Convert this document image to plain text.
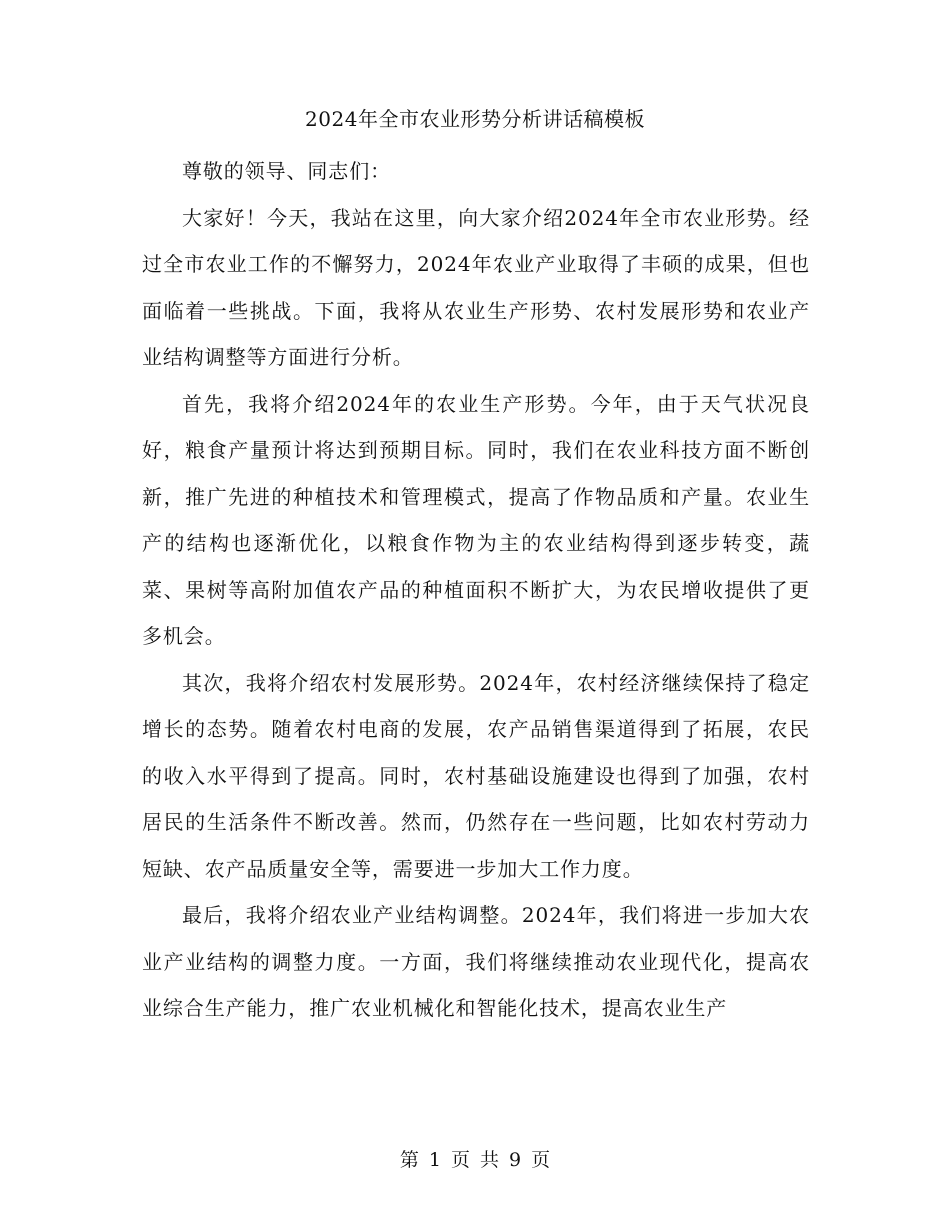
2024年全市农业形势分析讲话稿模板

尊敬的领导、同志们：

大家好！今天，我站在这里，向大家介绍2024年全市农业形势。经过全市农业工作的不懈努力，2024年农业产业取得了丰硕的成果，但也面临着一些挑战。下面，我将从农业生产形势、农村发展形势和农业产业结构调整等方面进行分析。

首先，我将介绍2024年的农业生产形势。今年，由于天气状况良好，粮食产量预计将达到预期目标。同时，我们在农业科技方面不断创新，推广先进的种植技术和管理模式，提高了作物品质和产量。农业生产的结构也逐渐优化，以粮食作物为主的农业结构得到逐步转变，蔬菜、果树等高附加值农产品的种植面积不断扩大，为农民增收提供了更多机会。

其次，我将介绍农村发展形势。2024年，农村经济继续保持了稳定增长的态势。随着农村电商的发展，农产品销售渠道得到了拓展，农民的收入水平得到了提高。同时，农村基础设施建设也得到了加强，农村居民的生活条件不断改善。然而，仍然存在一些问题，比如农村劳动力短缺、农产品质量安全等，需要进一步加大工作力度。

最后，我将介绍农业产业结构调整。2024年，我们将进一步加大农业产业结构的调整力度。一方面，我们将继续推动农业现代化，提高农业综合生产能力，推广农业机械化和智能化技术，提高农业生产

第 1 页 共 9 页
